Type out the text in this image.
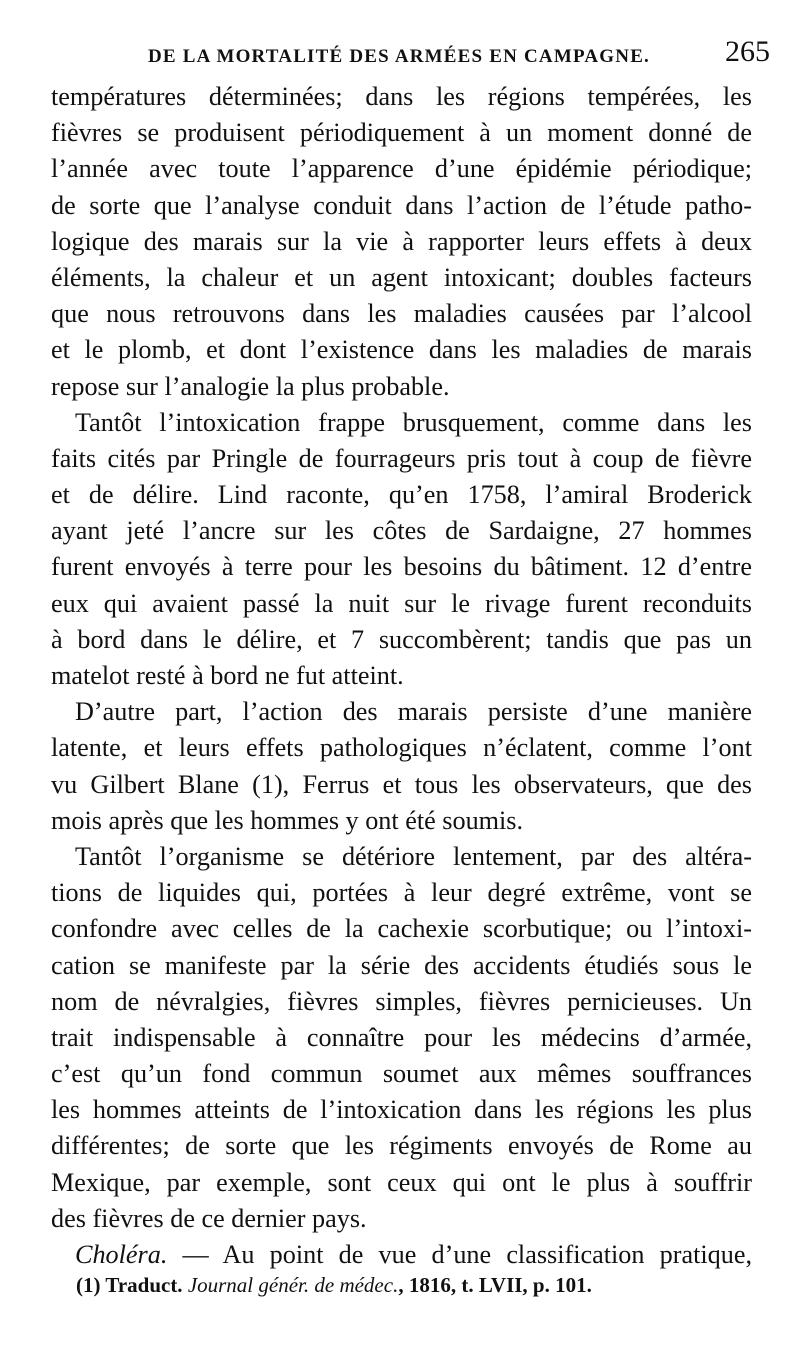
DE LA MORTALITÉ DES ARMÉES EN CAMPAGNE. 265
températures déterminées; dans les régions tempérées, les
fièvres se produisent périodiquement à un moment donné de
l’année avec toute l’apparence d’une épidémie périodique;
de sorte que l’analyse conduit dans l’action de l’étude patho-
logique des marais sur la vie à rapporter leurs effets à deux
éléments, la chaleur et un agent intoxicant; doubles facteurs
que nous retrouvons dans les maladies causées par l’alcool
et le plomb, et dont l’existence dans les maladies de marais
repose sur l’analogie la plus probable.
Tantôt l’intoxication frappe brusquement, comme dans les
faits cités par Pringle de fourrageurs pris tout à coup de fièvre
et de délire. Lind raconte, qu’en 1758, l’amiral Broderick
ayant jeté l’ancre sur les côtes de Sardaigne, 27 hommes
furent envoyés à terre pour les besoins du bâtiment. 12 d’entre
eux qui avaient passé la nuit sur le rivage furent reconduits
à bord dans le délire, et 7 succombèrent; tandis que pas un
matelot resté à bord ne fut atteint.
D’autre part, l’action des marais persiste d’une manière
latente, et leurs effets pathologiques n’éclatent, comme l’ont
vu Gilbert Blane (1), Ferrus et tous les observateurs, que des
mois après que les hommes y ont été soumis.
Tantôt l’organisme se détériore lentement, par des altéra-
tions de liquides qui, portées à leur degré extrême, vont se
confondre avec celles de la cachexie scorbutique; ou l’intoxi-
cation se manifeste par la série des accidents étudiés sous le
nom de névralgies, fièvres simples, fièvres pernicieuses. Un
trait indispensable à connaître pour les médecins d’armée,
c’est qu’un fond commun soumet aux mêmes souffrances
les hommes atteints de l’intoxication dans les régions les plus
différentes; de sorte que les régiments envoyés de Rome au
Mexique, par exemple, sont ceux qui ont le plus à souffrir
des fièvres de ce dernier pays.
Choléra. — Au point de vue d’une classification pratique,
(1) Traduct. Journal génér. de médec., 1816, t. LVII, p. 101.
